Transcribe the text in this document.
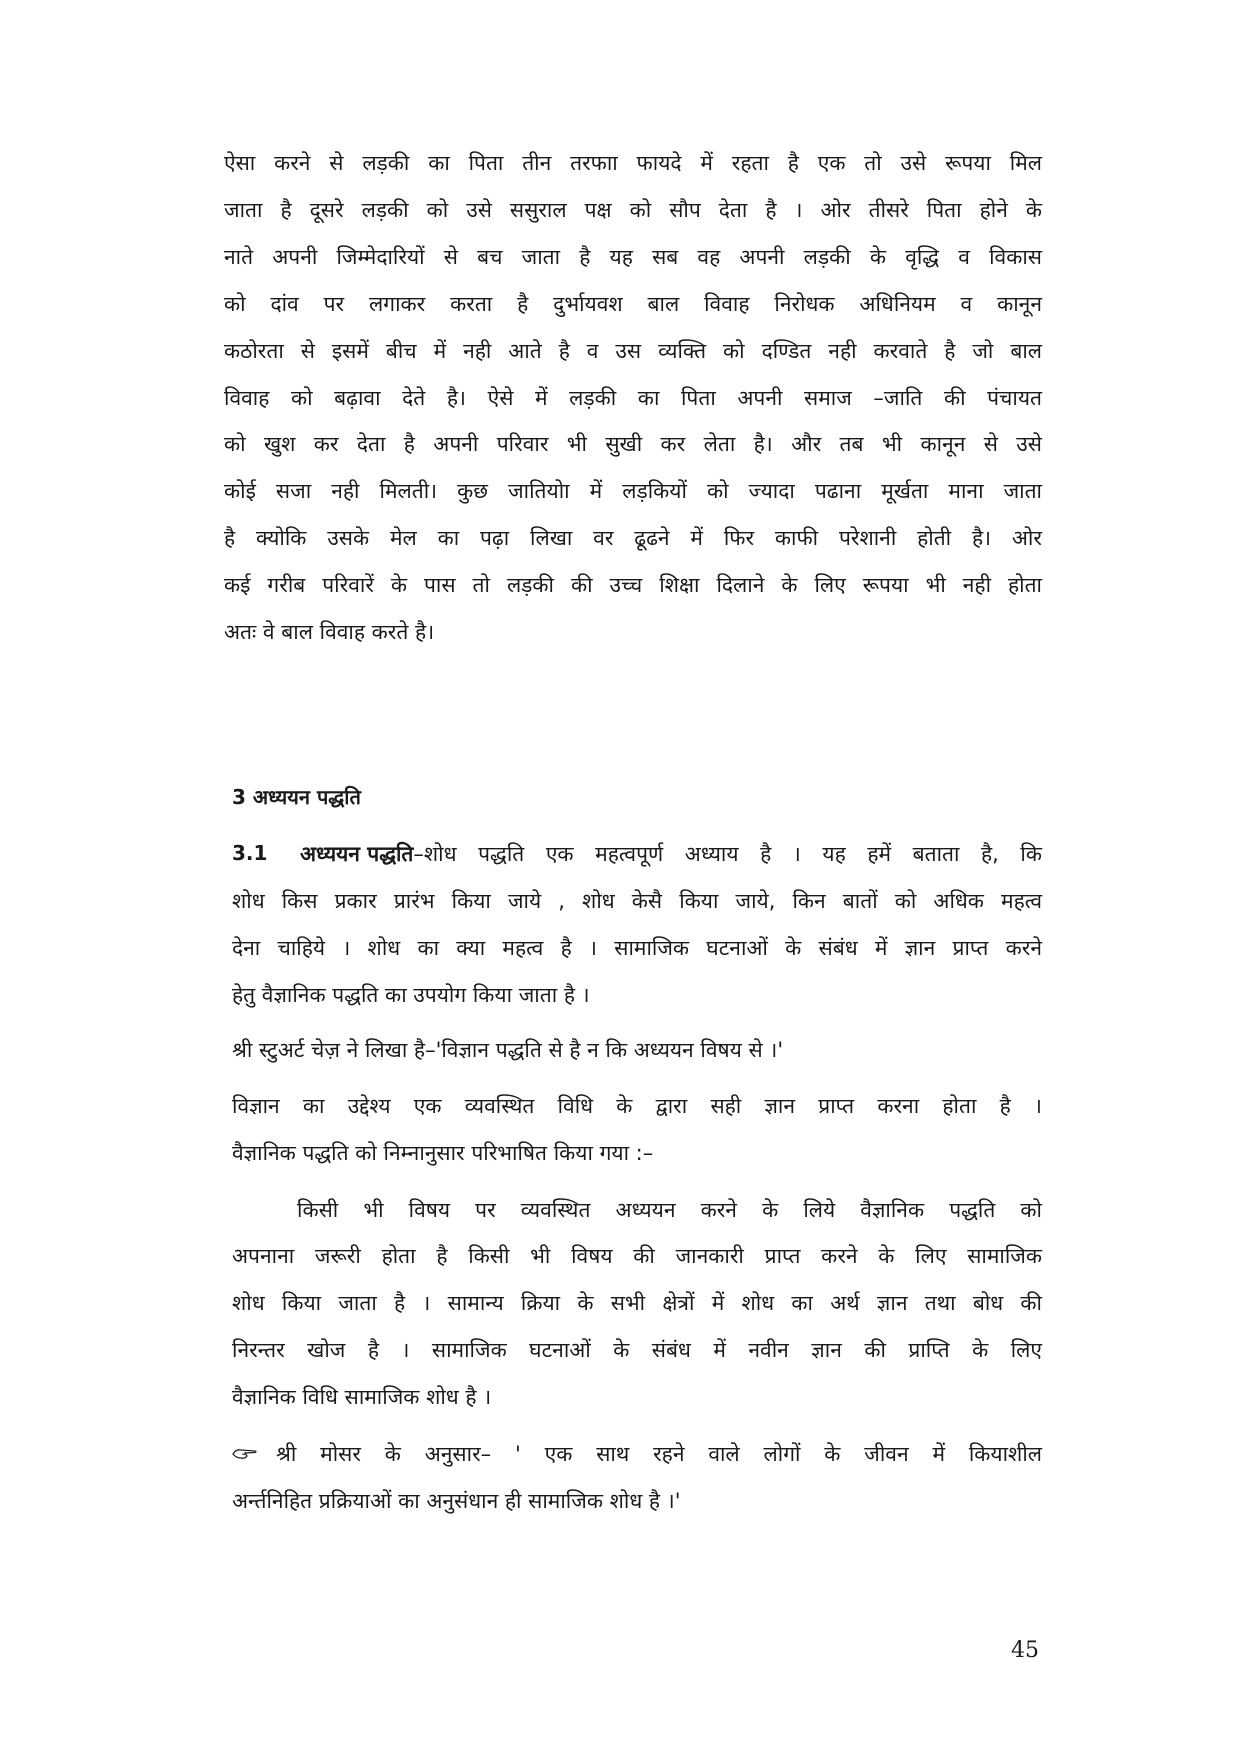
ऐसा करने से लड़की का पिता तीन तरफाा फायदे में रहता है एक तो उसे रूपया मिल
जाता है दूसरे लड़की को उसे ससुराल पक्ष को सौप देता है । ओर तीसरे पिता होने के
नाते अपनी जिम्मेदारियों से बच जाता है यह सब वह अपनी लड़की के वृद्धि व विकास
को दांव पर लगाकर करता है दुर्भायवश बाल विवाह निरोधक अधिनियम व कानून
कठोरता से इसमें बीच में नही आते है व उस व्यक्ति को दण्डित नही करवाते है जो बाल
विवाह को बढ़ावा देते है। ऐसे में लड़की का पिता अपनी समाज –जाति की पंचायत
को खुश कर देता है अपनी परिवार भी सुखी कर लेता है। और तब भी कानून से उसे
कोई सजा नही मिलती। कुछ जातियोा में लड़कियों को ज्यादा पढाना मूर्खता माना जाता
है क्योकि उसके मेल का पढ़ा लिखा वर ढूढने में फिर काफी परेशानी होती है। ओर
कई गरीब परिवारें के पास तो लड़की की उच्च शिक्षा दिलाने के लिए रूपया भी नही होता
अतः वे बाल विवाह करते है।
3 अध्ययन पद्धति
3.1 अध्ययन पद्धति –शोध पद्धति एक महत्वपूर्ण अध्याय है । यह हमें बताता है, कि
शोध किस प्रकार प्रारंभ किया जाये , शोध केसै किया जाये, किन बातों को अधिक महत्व
देना चाहिये । शोध का क्या महत्व है । सामाजिक घटनाओं के संबंध में ज्ञान प्राप्त करने
हेतु वैज्ञानिक पद्धति का उपयोग किया जाता है ।
श्री स्टुअर्ट चेज़ ने लिखा है–'विज्ञान पद्धति से है न कि अध्ययन विषय से ।'
विज्ञान का उद्देश्य एक व्यवस्थित विधि के द्वारा सही ज्ञान प्राप्त करना होता है ।
वैज्ञानिक पद्धति को निम्नानुसार परिभाषित किया गया :–
किसी भी विषय पर व्यवस्थित अध्ययन करने के लिये वैज्ञानिक पद्धति को
अपनाना जरूरी होता है किसी भी विषय की जानकारी प्राप्त करने के लिए सामाजिक
शोध किया जाता है । सामान्य क्रिया के सभी क्षेत्रों में शोध का अर्थ ज्ञान तथा बोध की
निरन्तर खोज है । सामाजिक घटनाओं के संबंध में नवीन ज्ञान की प्राप्ति के लिए
वैज्ञानिक विधि सामाजिक शोध है ।
श्री मोसर के अनुसार– ' एक साथ रहने वाले लोगों के जीवन में कियाशील
अर्न्तनिहित प्रक्रियाओं का अनुसंधान ही सामाजिक शोध है ।'
45
